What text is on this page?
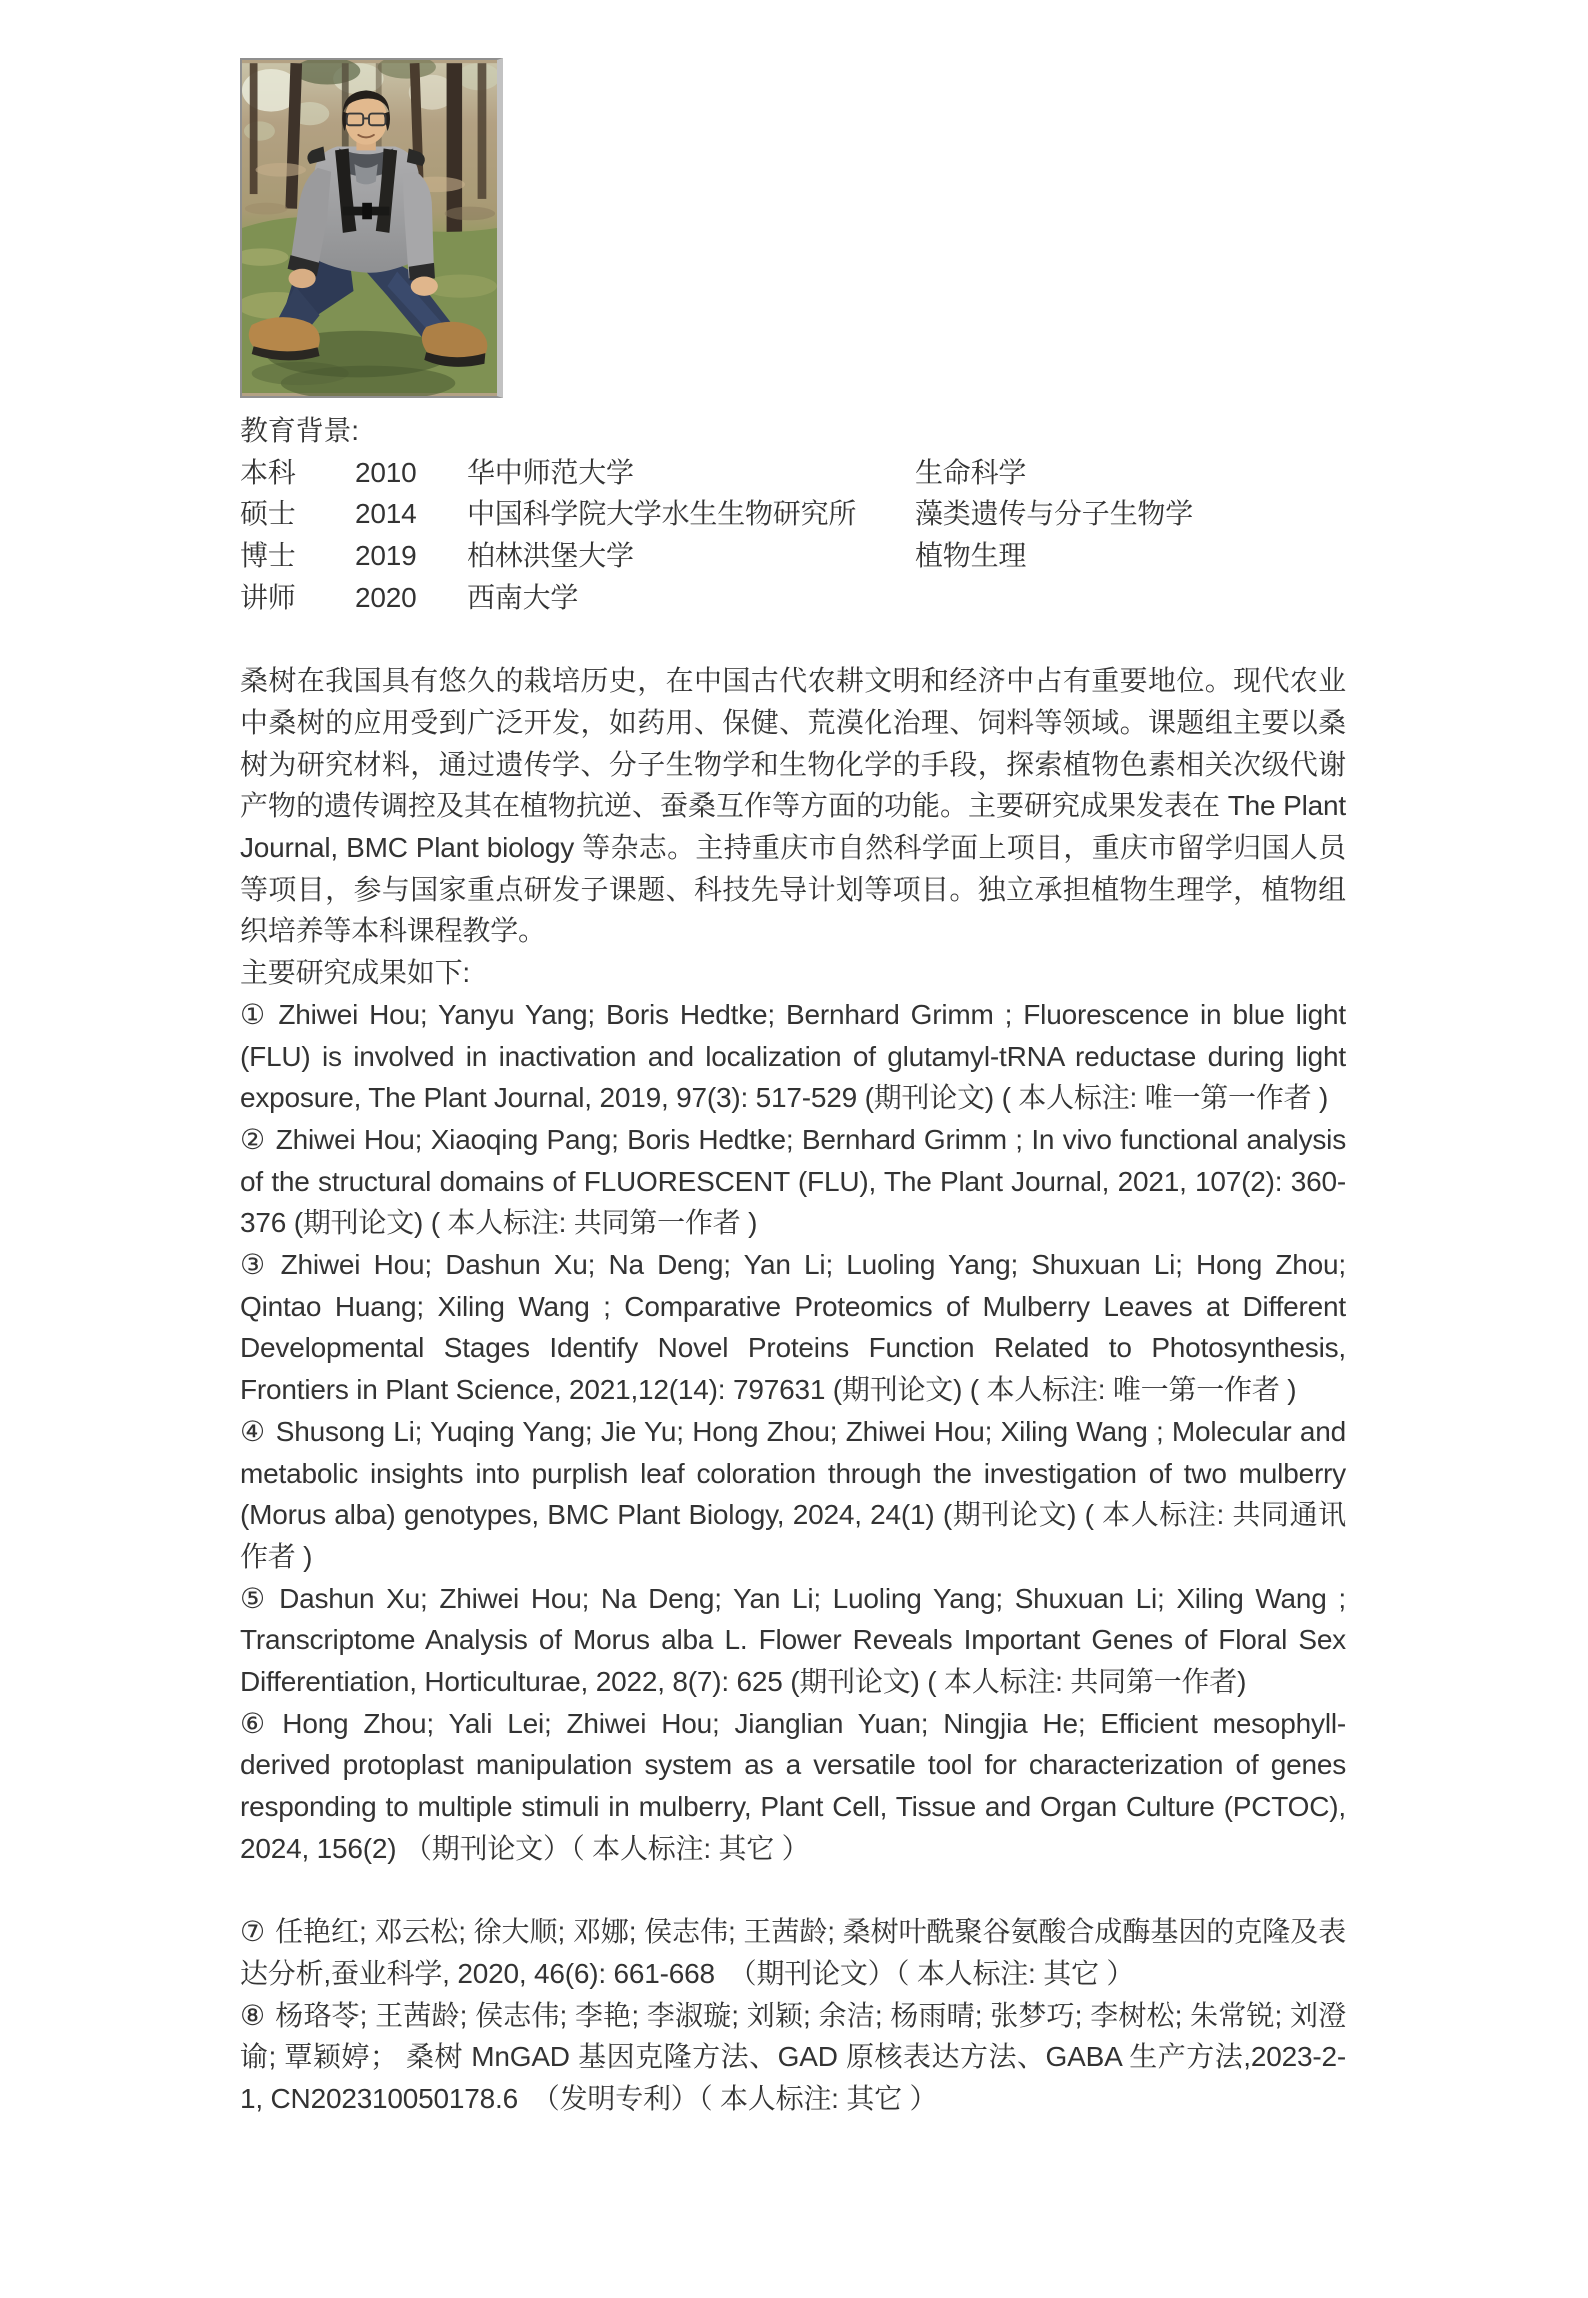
教育背景:
本科	2010	华中师范大学	生命科学
硕士	2014	中国科学院大学水生生物研究所	藻类遗传与分子生物学
博士	2019	柏林洪堡大学	植物生理
讲师	2020	西南大学

桑树在我国具有悠久的栽培历史，在中国古代农耕文明和经济中占有重要地位。现代农业中桑树的应用受到广泛开发，如药用、保健、荒漠化治理、饲料等领域。课题组主要以桑树为研究材料，通过遗传学、分子生物学和生物化学的手段，探索植物色素相关次级代谢产物的遗传调控及其在植物抗逆、蚕桑互作等方面的功能。主要研究成果发表在 The Plant Journal, BMC Plant biology 等杂志。主持重庆市自然科学面上项目，重庆市留学归国人员等项目，参与国家重点研发子课题、科技先导计划等项目。独立承担植物生理学，植物组织培养等本科课程教学。

主要研究成果如下:

① Zhiwei Hou; Yanyu Yang; Boris Hedtke; Bernhard Grimm ; Fluorescence in blue light (FLU) is involved in inactivation and localization of glutamyl-tRNA reductase during light exposure, The Plant Journal, 2019, 97(3): 517-529 (期刊论文) ( 本人标注: 唯一第一作者 )

② Zhiwei Hou; Xiaoqing Pang; Boris Hedtke; Bernhard Grimm ; In vivo functional analysis of the structural domains of FLUORESCENT (FLU), The Plant Journal, 2021, 107(2): 360-376 (期刊论文) ( 本人标注: 共同第一作者 )

③ Zhiwei Hou; Dashun Xu; Na Deng; Yan Li; Luoling Yang; Shuxuan Li; Hong Zhou; Qintao Huang; Xiling Wang ; Comparative Proteomics of Mulberry Leaves at Different Developmental Stages Identify Novel Proteins Function Related to Photosynthesis, Frontiers in Plant Science, 2021,12(14): 797631 (期刊论文) ( 本人标注: 唯一第一作者 )

④ Shusong Li; Yuqing Yang; Jie Yu; Hong Zhou; Zhiwei Hou; Xiling Wang ; Molecular and metabolic insights into purplish leaf coloration through the investigation of two mulberry (Morus alba) genotypes, BMC Plant Biology, 2024, 24(1) (期刊论文) ( 本人标注: 共同通讯作者 )

⑤ Dashun Xu; Zhiwei Hou; Na Deng; Yan Li; Luoling Yang; Shuxuan Li; Xiling Wang ; Transcriptome Analysis of Morus alba L. Flower Reveals Important Genes of Floral Sex Differentiation, Horticulturae, 2022, 8(7): 625 (期刊论文) ( 本人标注: 共同第一作者)

⑥ Hong Zhou; Yali Lei; Zhiwei Hou; Jianglian Yuan; Ningjia He; Efficient mesophyll-derived protoplast manipulation system as a versatile tool for characterization of genes responding to multiple stimuli in mulberry, Plant Cell, Tissue and Organ Culture (PCTOC), 2024, 156(2) （期刊论文）（ 本人标注: 其它 ）

⑦ 任艳红; 邓云松; 徐大顺; 邓娜; 侯志伟; 王茜龄; 桑树叶酰聚谷氨酸合成酶基因的克隆及表达分析,蚕业科学, 2020, 46(6): 661-668　（期刊论文）（ 本人标注: 其它 ）

⑧ 杨珞苓; 王茜龄; 侯志伟; 李艳; 李淑璇; 刘颖; 余洁; 杨雨晴; 张梦巧; 李树松; 朱常锐; 刘澄谕; 覃颖婷； 桑树 MnGAD 基因克隆方法、GAD 原核表达方法、GABA 生产方法,2023-2-1, CN202310050178.6　（发明专利）（ 本人标注: 其它 ）
